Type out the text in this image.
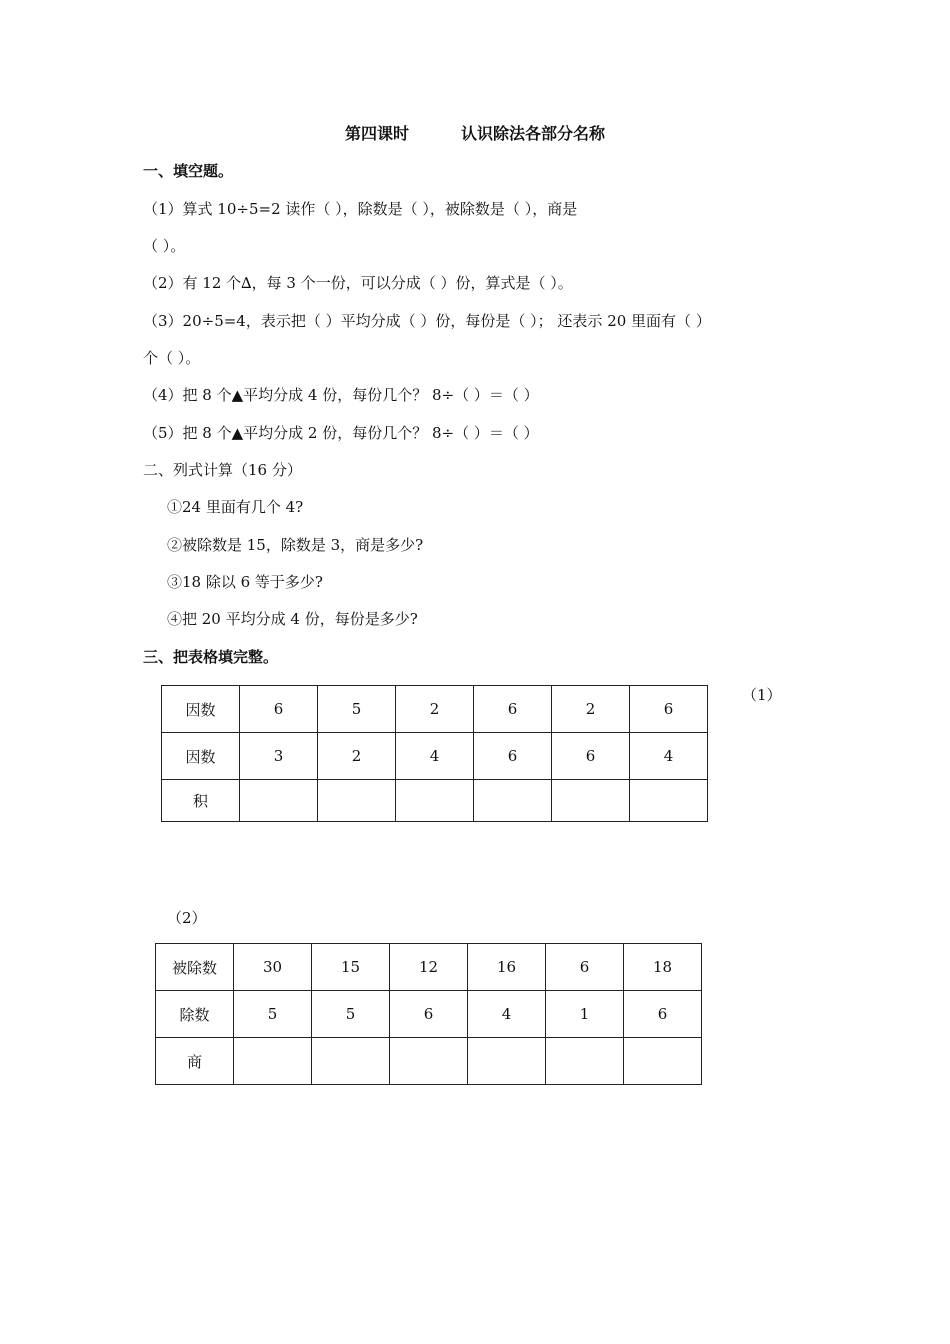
第四课时	认识除法各部分名称
一、填空题。
（1）算式 10÷5=2 读作（ ），除数是（ ），被除数是（ ），商是
（ ）。
（2）有 12 个∆，每 3 个一份，可以分成（ ）份，算式是（ ）。
（3）20÷5=4，表示把（ ）平均分成（ ）份，每份是（ ）； 还表示 20 里面有（ ）
个（ ）。
（4）把 8 个▲平均分成 4 份，每份几个？ 8÷（ ）＝（ ）
（5）把 8 个▲平均分成 2 份，每份几个？ 8÷（ ）＝（ ）
二、列式计算（16 分）
①24 里面有几个 4?
②被除数是 15，除数是 3，商是多少?
③18 除以 6 等于多少?
④把 20 平均分成 4 份，每份是多少?
三、把表格填完整。
（1）
因数	6	5	2	6	2	6
因数	3	2	4	6	6	4
积						
（2）
被除数	30	15	12	16	6	18
除数	5	5	6	4	1	6
商						
